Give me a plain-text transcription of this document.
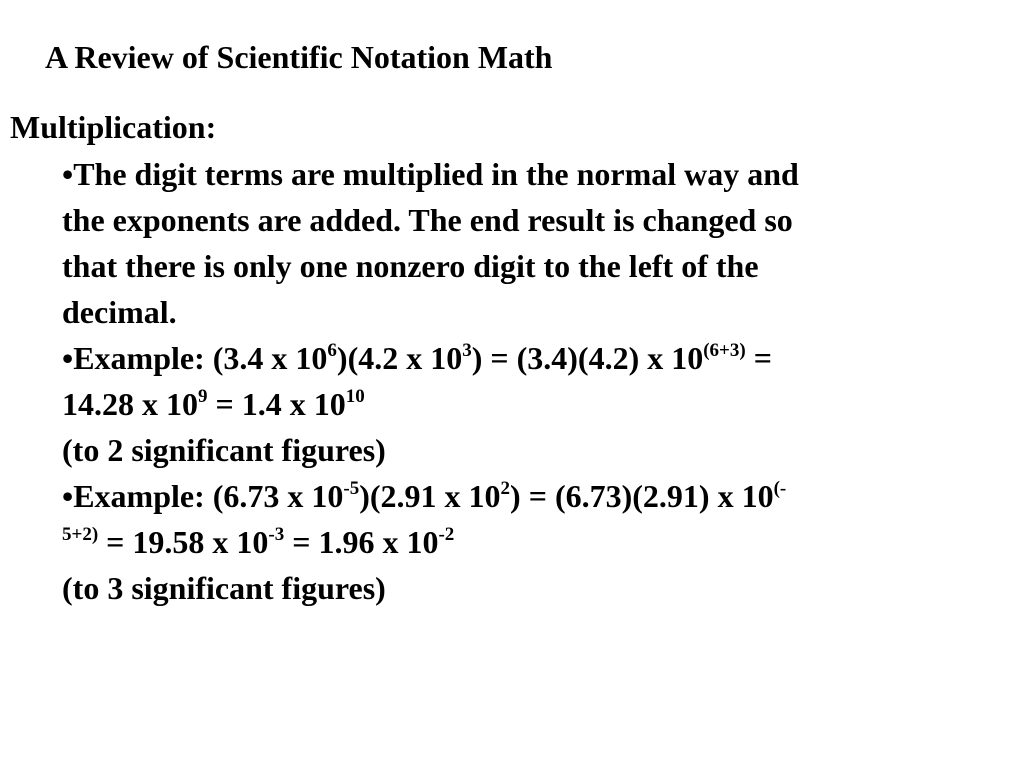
A Review of Scientific Notation Math
Multiplication:
•The digit terms are multiplied in the normal way and
the exponents are added. The end result is changed so
that there is only one nonzero digit to the left of the
decimal.
•Example: (3.4 x $10^6)(4.2$ x $10^3) = (3.4)(4.2)$ x $10^{(6+3)}$ =
14.28 x $10^9 = 1.4$ x $10^{10}$
(to 2 significant figures)
•Example: (6.73 x $10^{-5})(2.91$ x $10^2) = (6.73)(2.91)$ x 10(-
$^{5+2)}$ = 19.58 x $10^{-3} = 1.96$ x $10^{-2}$
(to 3 significant figures)
